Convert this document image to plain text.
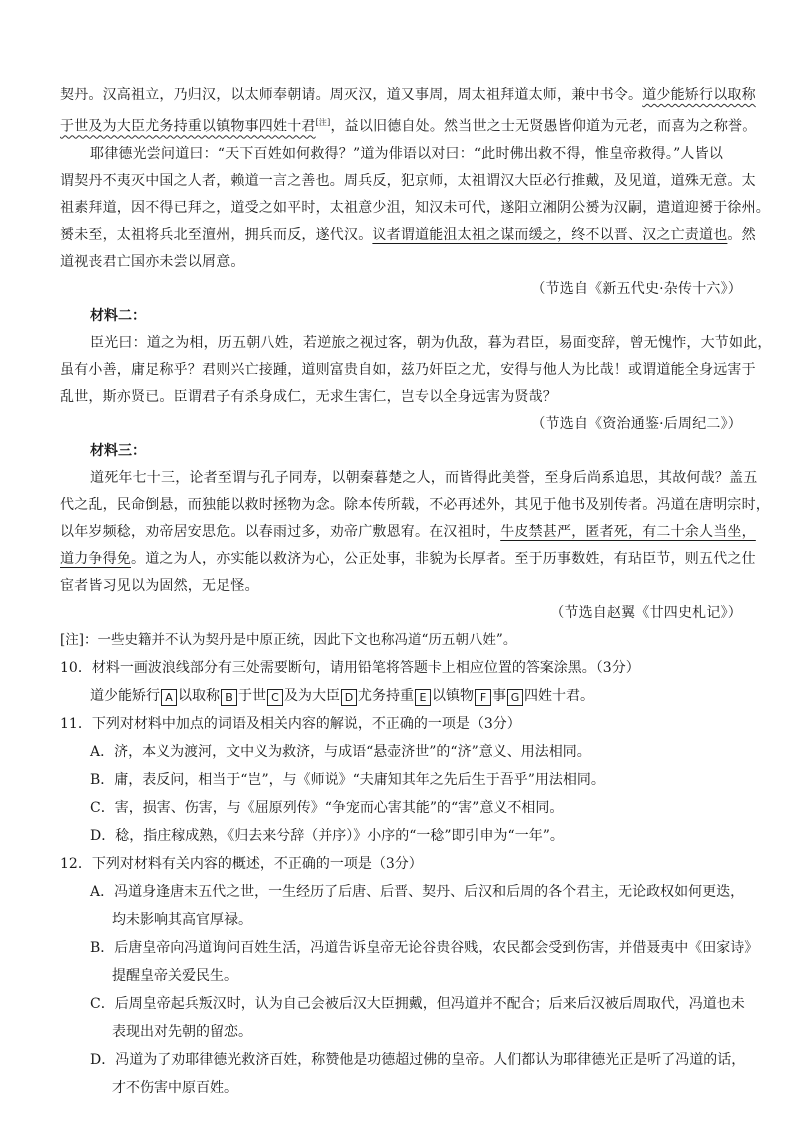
契丹。汉高祖立，乃归汉，以太师奉朝请。周灭汉，道又事周，周太祖拜道太师，兼中书令。道少能矫行以取称
于世及为大臣尤务持重以镇物事四姓十君[注]，益以旧德自处。然当世之士无贤愚皆仰道为元老，而喜为之称誉。
耶律德光尝问道曰：“天下百姓如何救得？”道为俳语以对曰：“此时佛出救不得，惟皇帝救得。”人皆以
谓契丹不夷灭中国之人者，赖道一言之善也。周兵反，犯京师，太祖谓汉大臣必行推戴，及见道，道殊无意。太
祖素拜道，因不得已拜之，道受之如平时，太祖意少沮，知汉未可代，遂阳立湘阴公赟为汉嗣，遣道迎赟于徐州。
赟未至，太祖将兵北至澶州，拥兵而反，遂代汉。议者谓道能沮太祖之谋而缓之，终不以晋、汉之亡责道也。然
道视丧君亡国亦未尝以屑意。
（节选自《新五代史·杂传十六》）
材料二：
臣光曰：道之为相，历五朝八姓，若逆旅之视过客，朝为仇敌，暮为君臣，易面变辞，曾无愧怍，大节如此，
虽有小善，庸足称乎？君则兴亡接踵，道则富贵自如，兹乃奸臣之尤，安得与他人为比哉！或谓道能全身远害于
乱世，斯亦贤已。臣谓君子有杀身成仁，无求生害仁，岂专以全身远害为贤哉？
（节选自《资治通鉴·后周纪二》）
材料三：
道死年七十三，论者至谓与孔子同寿，以朝秦暮楚之人，而皆得此美誉，至身后尚系追思，其故何哉？盖五
代之乱，民命倒悬，而独能以救时拯物为念。除本传所载，不必再述外，其见于他书及别传者。冯道在唐明宗时，
以年岁频稔，劝帝居安思危。以春雨过多，劝帝广敷恩宥。在汉祖时，牛皮禁甚严，匿者死，有二十余人当坐，
道力争得免。道之为人，亦实能以救济为心，公正处事，非貌为长厚者。至于历事数姓，有玷臣节，则五代之仕
宦者皆习见以为固然，无足怪。
（节选自赵翼《廿四史札记》）
[注]：一些史籍并不认为契丹是中原正统，因此下文也称冯道“历五朝八姓”。
10．材料一画波浪线部分有三处需要断句，请用铅笔将答题卡上相应位置的答案涂黑。（3分）
道少能矫行 A 以取称 B 于世 C 及为大臣 D 尤务持重 E 以镇物 F 事 G 四姓十君。
11．下列对材料中加点的词语及相关内容的解说，不正确的一项是（3分）
A．济，本义为渡河，文中义为救济，与成语“悬壶济世”的“济”意义、用法相同。
B．庸，表反问，相当于“岂”，与《师说》“夫庸知其年之先后生于吾乎”用法相同。
C．害，损害、伤害，与《屈原列传》“争宠而心害其能”的“害”意义不相同。
D．稔，指庄稼成熟，《归去来兮辞（并序）》小序的“一稔”即引申为“一年”。
12．下列对材料有关内容的概述，不正确的一项是（3分）
A．冯道身逢唐末五代之世，一生经历了后唐、后晋、契丹、后汉和后周的各个君主，无论政权如何更迭，
均未影响其高官厚禄。
B．后唐皇帝向冯道询问百姓生活，冯道告诉皇帝无论谷贵谷贱，农民都会受到伤害，并借聂夷中《田家诗》
提醒皇帝关爱民生。
C．后周皇帝起兵叛汉时，认为自己会被后汉大臣拥戴，但冯道并不配合；后来后汉被后周取代，冯道也未
表现出对先朝的留恋。
D．冯道为了劝耶律德光救济百姓，称赞他是功德超过佛的皇帝。人们都认为耶律德光正是听了冯道的话，
才不伤害中原百姓。
